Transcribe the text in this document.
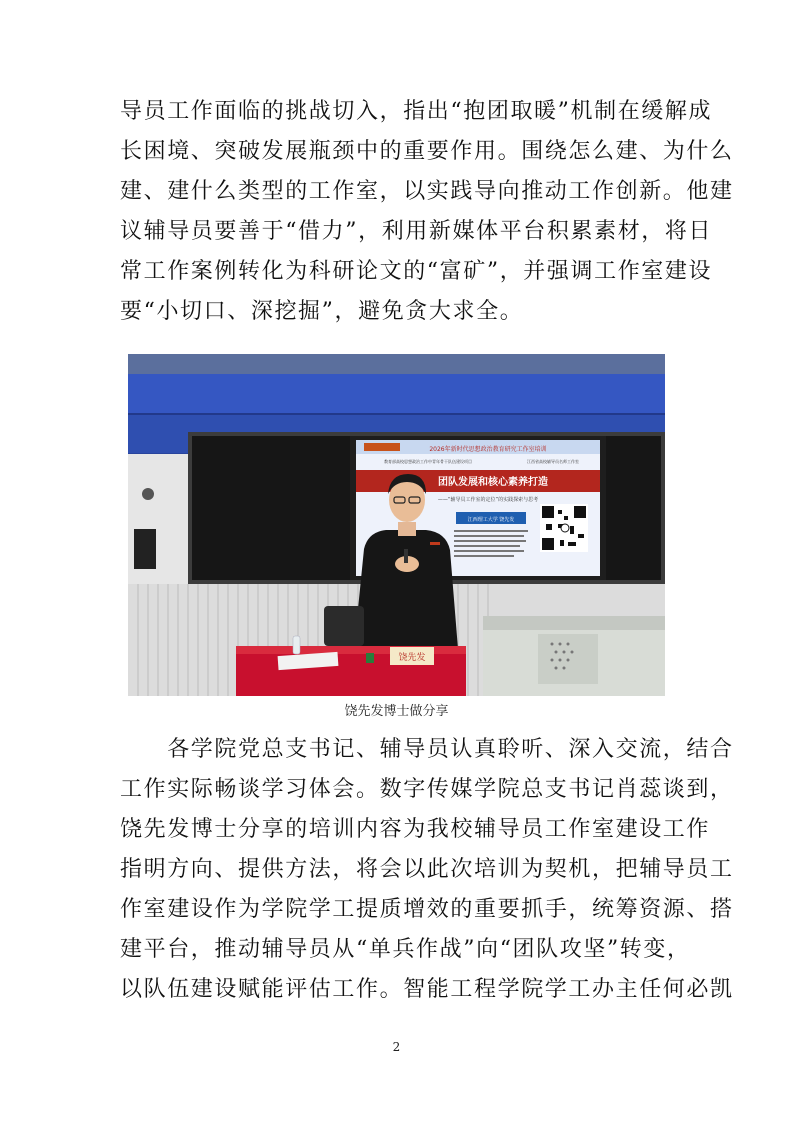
导员工作面临的挑战切入，指出“抱团取暖”机制在缓解成
长困境、突破发展瓶颈中的重要作用。围绕怎么建、为什么
建、建什么类型的工作室，以实践导向推动工作创新。他建
议辅导员要善于“借力”，利用新媒体平台积累素材，将日
常工作案例转化为科研论文的“富矿”，并强调工作室建设
要“小切口、深挖掘”，避免贪大求全。
2026年新时代思想政治教育研究工作室培训
教育部高校思想政治工作中青年骨干队伍建设项目	江西省高校辅导员名师工作室
团队发展和核心素养打造
——“辅导员工作室的定位”的实践探索与思考
江西理工大学 饶先发
饶先发
饶先发博士做分享
　　各学院党总支书记、辅导员认真聆听、深入交流，结合
工作实际畅谈学习体会。数字传媒学院总支书记肖蕊谈到，
饶先发博士分享的培训内容为我校辅导员工作室建设工作
指明方向、提供方法，将会以此次培训为契机，把辅导员工
作室建设作为学院学工提质增效的重要抓手，统筹资源、搭
建平台，推动辅导员从“单兵作战”向“团队攻坚”转变，
以队伍建设赋能评估工作。智能工程学院学工办主任何必凯
2
